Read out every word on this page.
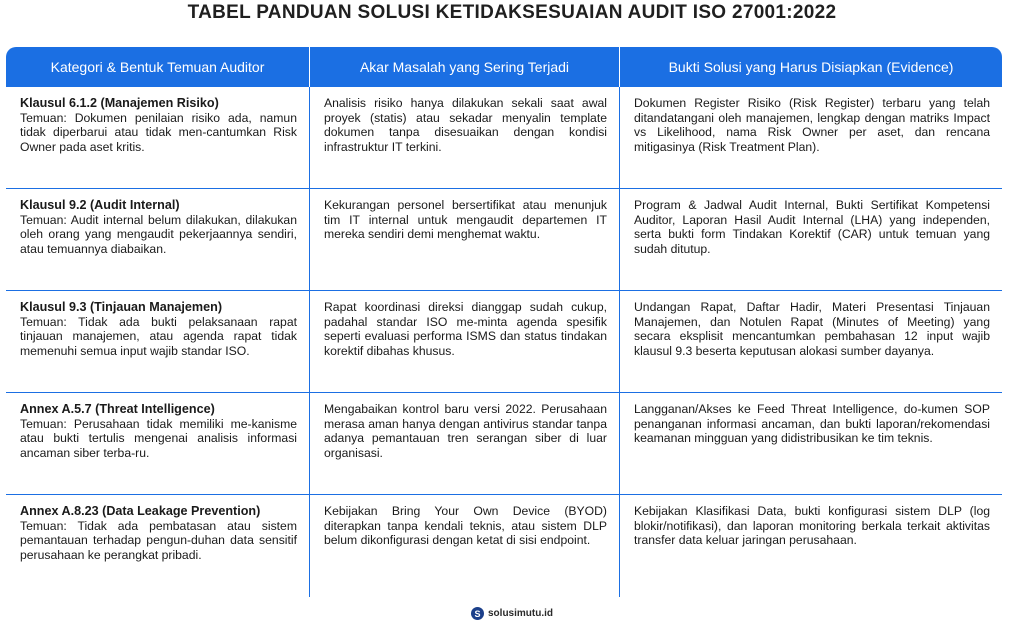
TABEL PANDUAN SOLUSI KETIDAKSESUAIAN AUDIT ISO 27001:2022
Kategori & Bentuk Temuan Auditor	Akar Masalah yang Sering Terjadi	Bukti Solusi yang Harus Disiapkan (Evidence)
Klausul 6.1.2 (Manajemen Risiko)
Temuan: Dokumen penilaian risiko ada, namun tidak diperbarui atau tidak men-cantumkan Risk Owner pada aset kritis.
Analisis risiko hanya dilakukan sekali saat awal proyek (statis) atau sekadar menyalin template dokumen tanpa disesuaikan dengan kondisi infrastruktur IT terkini.
Dokumen Register Risiko (Risk Register) terbaru yang telah ditandatangani oleh manajemen, lengkap dengan matriks Impact vs Likelihood, nama Risk Owner per aset, dan rencana mitigasinya (Risk Treatment Plan).
Klausul 9.2 (Audit Internal)
Temuan: Audit internal belum dilakukan, dilakukan oleh orang yang mengaudit pekerjaannya sendiri, atau temuannya diabaikan.
Kekurangan personel bersertifikat atau menunjuk tim IT internal untuk mengaudit departemen IT mereka sendiri demi menghemat waktu.
Program & Jadwal Audit Internal, Bukti Sertifikat Kompetensi Auditor, Laporan Hasil Audit Internal (LHA) yang independen, serta bukti form Tindakan Korektif (CAR) untuk temuan yang sudah ditutup.
Klausul 9.3 (Tinjauan Manajemen)
Temuan: Tidak ada bukti pelaksanaan rapat tinjauan manajemen, atau agenda rapat tidak memenuhi semua input wajib standar ISO.
Rapat koordinasi direksi dianggap sudah cukup, padahal standar ISO me-minta agenda spesifik seperti evaluasi performa ISMS dan status tindakan korektif dibahas khusus.
Undangan Rapat, Daftar Hadir, Materi Presentasi Tinjauan Manajemen, dan Notulen Rapat (Minutes of Meeting) yang secara eksplisit mencantumkan pembahasan 12 input wajib klausul 9.3 beserta keputusan alokasi sumber dayanya.
Annex A.5.7 (Threat Intelligence)
Temuan: Perusahaan tidak memiliki me-kanisme atau bukti tertulis mengenai analisis informasi ancaman siber terba-ru.
Mengabaikan kontrol baru versi 2022. Perusahaan merasa aman hanya dengan antivirus standar tanpa adanya pemantauan tren serangan siber di luar organisasi.
Langganan/Akses ke Feed Threat Intelligence, do-kumen SOP penanganan informasi ancaman, dan bukti laporan/rekomendasi keamanan mingguan yang didistribusikan ke tim teknis.
Annex A.8.23 (Data Leakage Prevention)
Temuan: Tidak ada pembatasan atau sistem pemantauan terhadap pengun-duhan data sensitif perusahaan ke perangkat pribadi.
Kebijakan Bring Your Own Device (BYOD) diterapkan tanpa kendali teknis, atau sistem DLP belum dikonfigurasi dengan ketat di sisi endpoint.
Kebijakan Klasifikasi Data, bukti konfigurasi sistem DLP (log blokir/notifikasi), dan laporan monitoring berkala terkait aktivitas transfer data keluar jaringan perusahaan.
S solusimutu.id
